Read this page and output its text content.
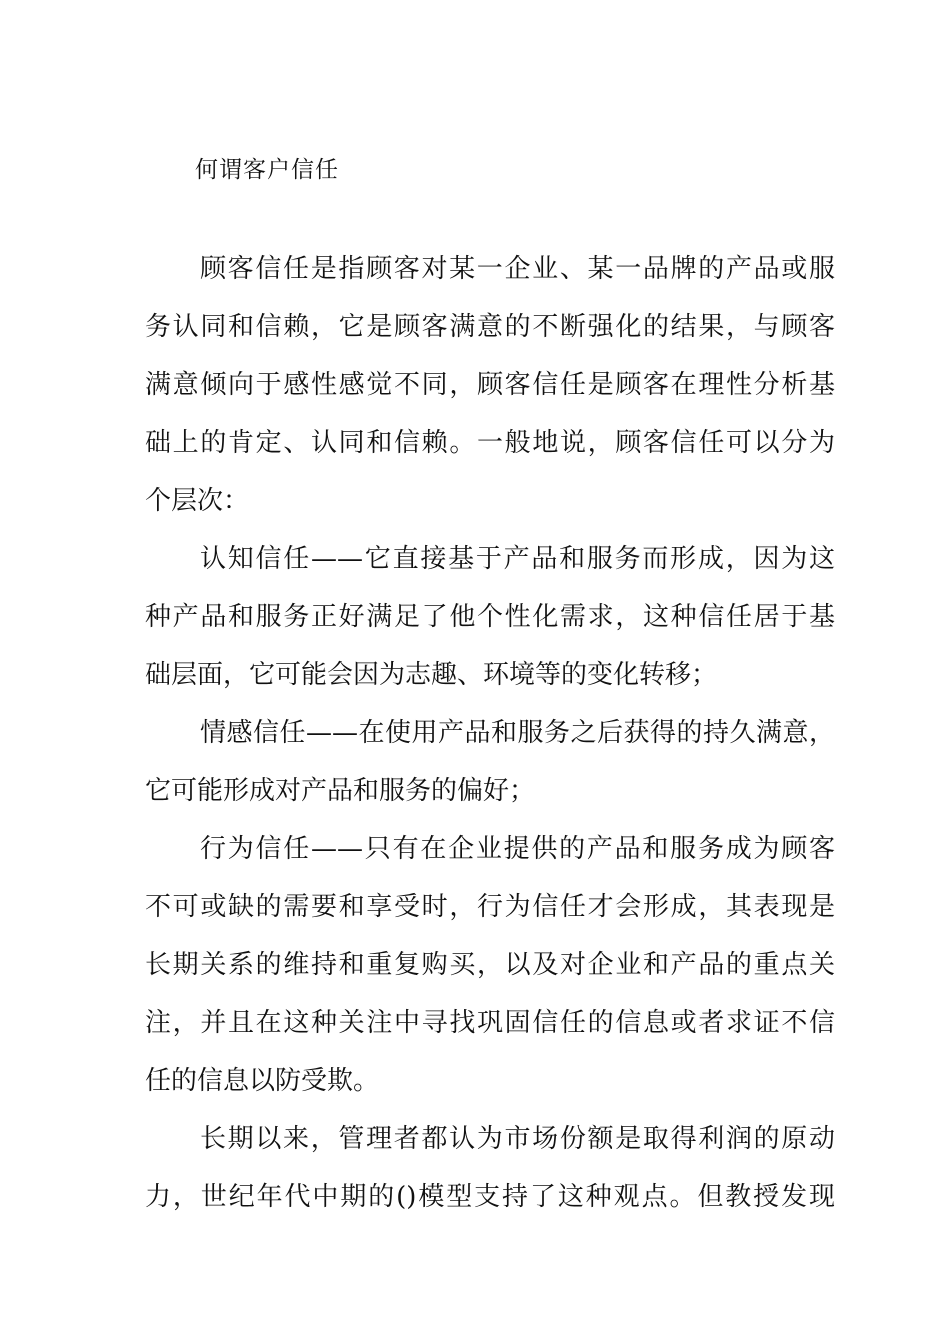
何谓客户信任
顾客信任是指顾客对某一企业、某一品牌的产品或服
务认同和信赖，它是顾客满意的不断强化的结果，与顾客
满意倾向于感性感觉不同，顾客信任是顾客在理性分析基
础上的肯定、认同和信赖。一般地说，顾客信任可以分为
个层次：
认知信任——它直接基于产品和服务而形成，因为这
种产品和服务正好满足了他个性化需求，这种信任居于基
础层面，它可能会因为志趣、环境等的变化转移；
情感信任——在使用产品和服务之后获得的持久满意，
它可能形成对产品和服务的偏好；
行为信任——只有在企业提供的产品和服务成为顾客
不可或缺的需要和享受时，行为信任才会形成，其表现是
长期关系的维持和重复购买，以及对企业和产品的重点关
注，并且在这种关注中寻找巩固信任的信息或者求证不信
任的信息以防受欺。
长期以来，管理者都认为市场份额是取得利润的原动
力，世纪年代中期的()模型支持了这种观点。但教授发现
